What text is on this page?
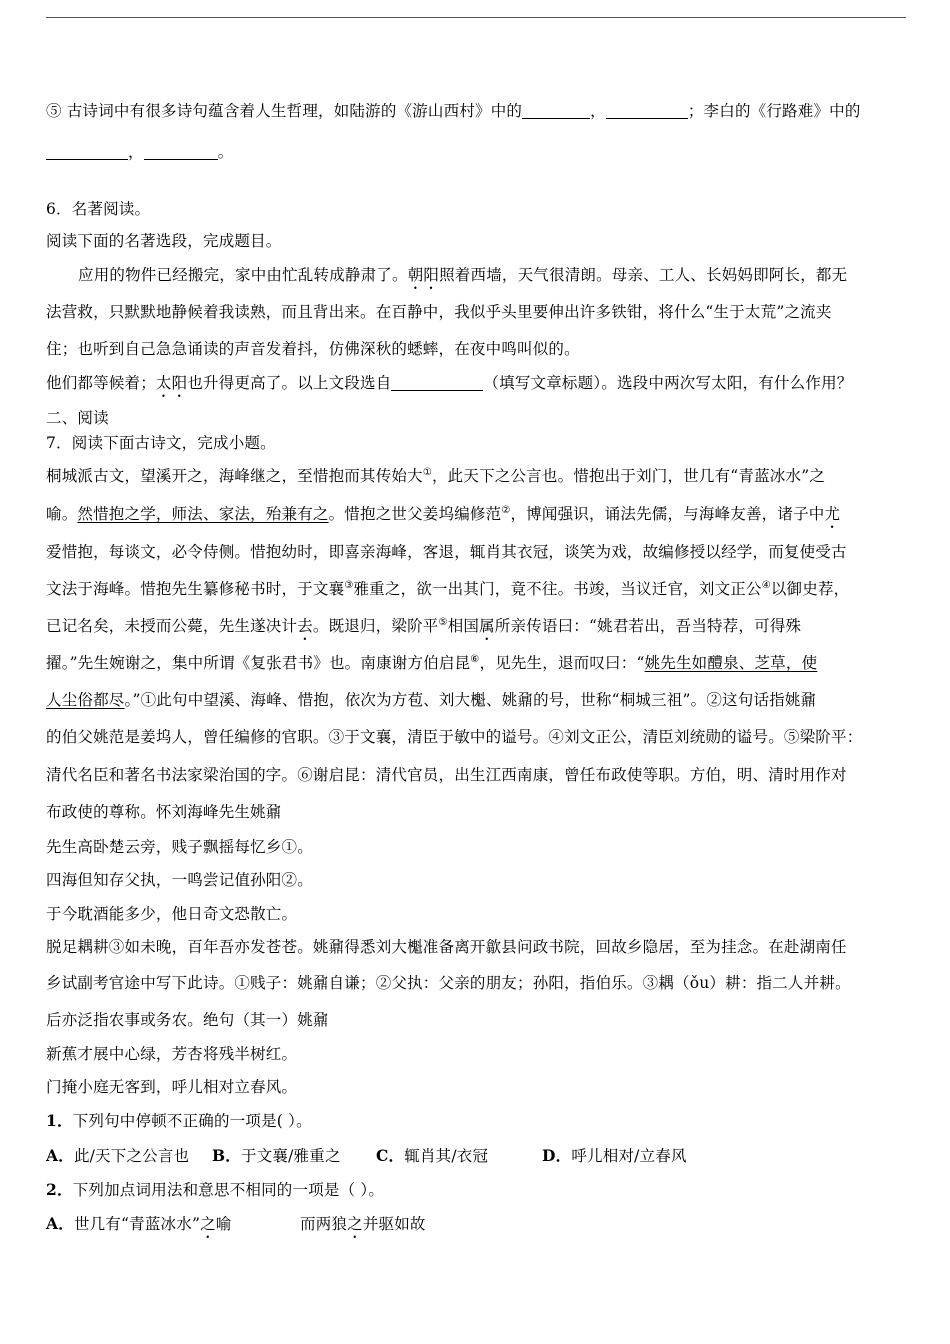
⑤ 古诗词中有很多诗句蕴含着人生哲理，如陆游的《游山西村》中的	，	；李白的《行路难》中的
，	。
6．名著阅读。
阅读下面的名著选段，完成题目。
应用的物件已经搬完，家中由忙乱转成静肃了。朝阳照着西墙，天气很清朗。母亲、工人、长妈妈即阿长，都无
法营救，只默默地静候着我读熟，而且背出来。在百静中，我似乎头里要伸出许多铁钳，将什么“生于太荒”之流夹
住；也听到自己急急诵读的声音发着抖，仿佛深秋的蟋蟀，在夜中鸣叫似的。
他们都等候着；太阳也升得更高了。以上文段选自	（填写文章标题）。选段中两次写太阳，有什么作用？
二、阅读
7．阅读下面古诗文，完成小题。
桐城派古文，望溪开之，海峰继之，至惜抱而其传始大①，此天下之公言也。惜抱出于刘门，世几有“青蓝冰水”之
喻。然惜抱之学，师法、家法，殆兼有之。惜抱之世父姜坞编修范②，博闻强识，诵法先儒，与海峰友善，诸子中尤
爱惜抱，每谈文，必令侍侧。惜抱幼时，即喜亲海峰，客退，辄肖其衣冠，谈笑为戏，故编修授以经学，而复使受古
文法于海峰。惜抱先生纂修秘书时，于文襄③雅重之，欲一出其门，竟不往。书竣，当议迁官，刘文正公④以御史荐，
已记名矣，未授而公薨，先生遂决计去。既退归，梁阶平⑤相国属所亲传语曰：“姚君若出，吾当特荐，可得殊
擢。”先生婉谢之，集中所谓《复张君书》也。南康谢方伯启昆⑥，见先生，退而叹曰：“姚先生如醴泉、芝草，使
人尘俗都尽。”①此句中望溪、海峰、惜抱，依次为方苞、刘大櫆、姚鼐的号，世称“桐城三祖”。②这句话指姚鼐
的伯父姚范是姜坞人，曾任编修的官职。③于文襄，清臣于敏中的谥号。④刘文正公，清臣刘统勋的谥号。⑤梁阶平：
清代名臣和著名书法家梁治国的字。⑥谢启昆：清代官员，出生江西南康，曾任布政使等职。方伯，明、清时用作对
布政使的尊称。怀刘海峰先生姚鼐
先生高卧楚云旁，贱子飘摇每忆乡①。
四海但知存父执，一鸣尝记值孙阳②。
于今耽酒能多少，他日奇文恐散亡。
脱足耦耕③如未晚，百年吾亦发苍苍。姚鼐得悉刘大櫆准备离开歙县问政书院，回故乡隐居，至为挂念。在赴湖南任
乡试副考官途中写下此诗。①贱子：姚鼐自谦；②父执：父亲的朋友；孙阳，指伯乐。③耦（ǒu）耕：指二人并耕。
后亦泛指农事或务农。绝句（其一）姚鼐
新蕉才展中心绿，芳杏将残半树红。
门掩小庭无客到，呼儿相对立春风。
1．下列句中停顿不正确的一项是( ）。
A．此/天下之公言也 B．于文襄/雅重之 C．辄肖其/衣冠	D．呼儿相对/立春风
2．下列加点词用法和意思不相同的一项是（ ）。
A．世几有“青蓝冰水”之喻	而两狼之并驱如故
